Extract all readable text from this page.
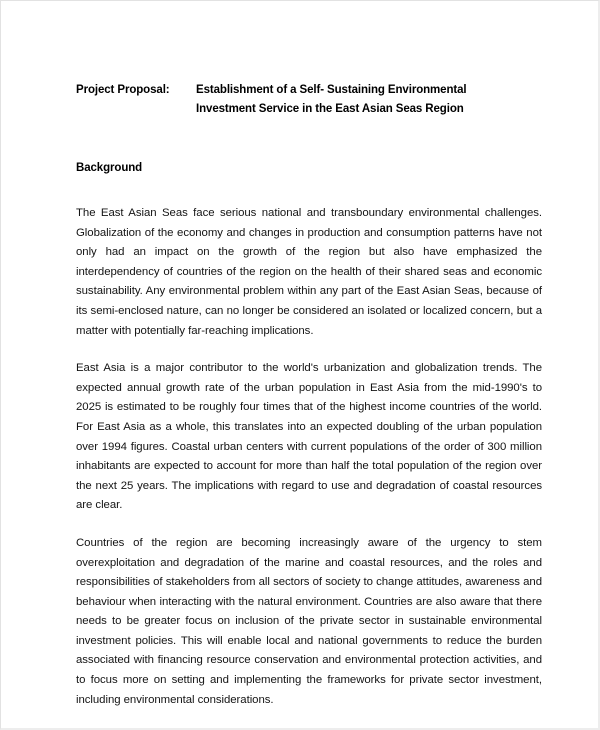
Project Proposal:	Establishment of a Self- Sustaining Environmental
Investment Service in the East Asian Seas Region
Background

The East Asian Seas face serious national and transboundary environmental challenges. Globalization of the economy and changes in production and consumption patterns have not only had an impact on the growth of the region but also have emphasized the interdependency of countries of the region on the health of their shared seas and economic sustainability. Any environmental problem within any part of the East Asian Seas, because of its semi-enclosed nature, can no longer be considered an isolated or localized concern, but a matter with potentially far-reaching implications.

East Asia is a major contributor to the world's urbanization and globalization trends. The expected annual growth rate of the urban population in East Asia from the mid-1990's to 2025 is estimated to be roughly four times that of the highest income countries of the world. For East Asia as a whole, this translates into an expected doubling of the urban population over 1994 figures. Coastal urban centers with current populations of the order of 300 million inhabitants are expected to account for more than half the total population of the region over the next 25 years. The implications with regard to use and degradation of coastal resources are clear.

Countries of the region are becoming increasingly aware of the urgency to stem overexploitation and degradation of the marine and coastal resources, and the roles and responsibilities of stakeholders from all sectors of society to change attitudes, awareness and behaviour when interacting with the natural environment. Countries are also aware that there needs to be greater focus on inclusion of the private sector in sustainable environmental investment policies. This will enable local and national governments to reduce the burden associated with financing resource conservation and environmental protection activities, and to focus more on setting and implementing the frameworks for private sector investment, including environmental considerations.
